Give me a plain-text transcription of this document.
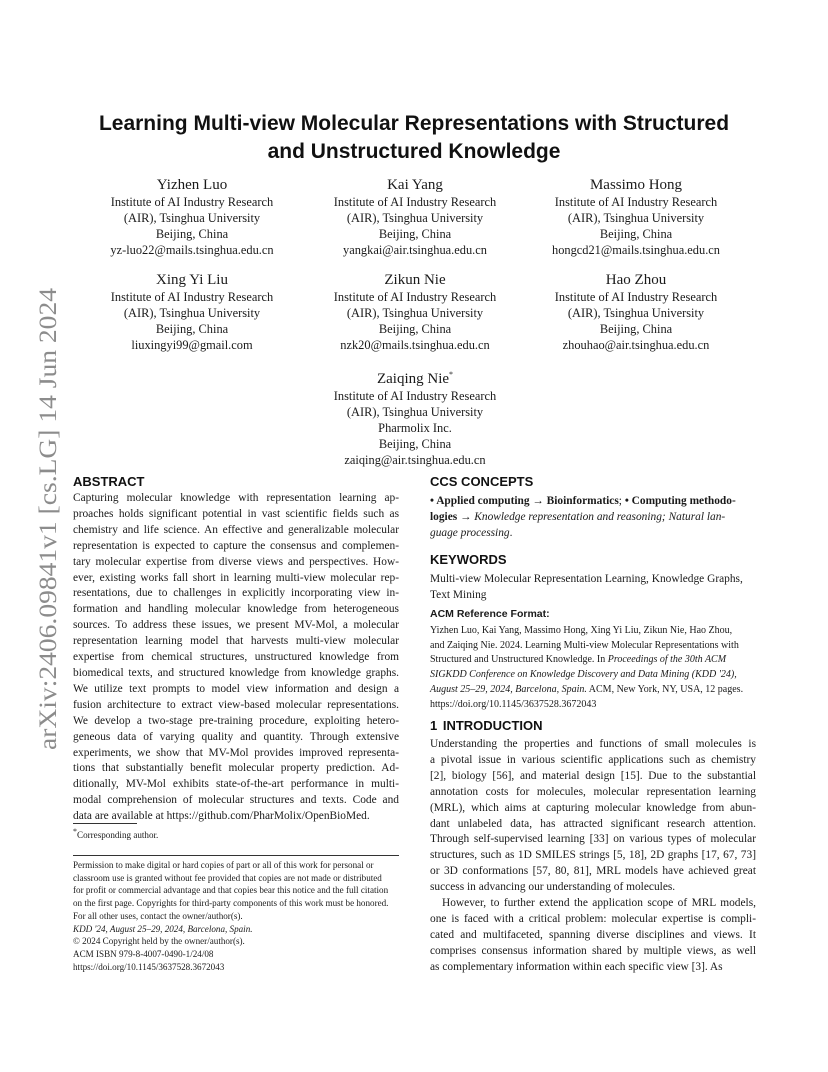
arXiv:2406.09841v1 [cs.LG] 14 Jun 2024
Learning Multi-view Molecular Representations with Structured
and Unstructured Knowledge
Yizhen Luo
Institute of AI Industry Research
(AIR), Tsinghua University
Beijing, China
yz-luo22@mails.tsinghua.edu.cn
Kai Yang
Institute of AI Industry Research
(AIR), Tsinghua University
Beijing, China
yangkai@air.tsinghua.edu.cn
Massimo Hong
Institute of AI Industry Research
(AIR), Tsinghua University
Beijing, China
hongcd21@mails.tsinghua.edu.cn
Xing Yi Liu
Institute of AI Industry Research
(AIR), Tsinghua University
Beijing, China
liuxingyi99@gmail.com
Zikun Nie
Institute of AI Industry Research
(AIR), Tsinghua University
Beijing, China
nzk20@mails.tsinghua.edu.cn
Hao Zhou
Institute of AI Industry Research
(AIR), Tsinghua University
Beijing, China
zhouhao@air.tsinghua.edu.cn
Zaiqing Nie*
Institute of AI Industry Research
(AIR), Tsinghua University
Pharmolix Inc.
Beijing, China
zaiqing@air.tsinghua.edu.cn
ABSTRACT
Capturing molecular knowledge with representation learning ap-
proaches holds significant potential in vast scientific fields such as
chemistry and life science. An effective and generalizable molecular
representation is expected to capture the consensus and complemen-
tary molecular expertise from diverse views and perspectives. How-
ever, existing works fall short in learning multi-view molecular rep-
resentations, due to challenges in explicitly incorporating view in-
formation and handling molecular knowledge from heterogeneous
sources. To address these issues, we present MV-Mol, a molecular
representation learning model that harvests multi-view molecular
expertise from chemical structures, unstructured knowledge from
biomedical texts, and structured knowledge from knowledge graphs.
We utilize text prompts to model view information and design a
fusion architecture to extract view-based molecular representations.
We develop a two-stage pre-training procedure, exploiting hetero-
geneous data of varying quality and quantity. Through extensive
experiments, we show that MV-Mol provides improved representa-
tions that substantially benefit molecular property prediction. Ad-
ditionally, MV-Mol exhibits state-of-the-art performance in multi-
modal comprehension of molecular structures and texts. Code and
data are available at https://github.com/PharMolix/OpenBioMed.
*Corresponding author.
Permission to make digital or hard copies of part or all of this work for personal or
classroom use is granted without fee provided that copies are not made or distributed
for profit or commercial advantage and that copies bear this notice and the full citation
on the first page. Copyrights for third-party components of this work must be honored.
For all other uses, contact the owner/author(s).
KDD '24, August 25–29, 2024, Barcelona, Spain.
© 2024 Copyright held by the owner/author(s).
ACM ISBN 979-8-4007-0490-1/24/08
https://doi.org/10.1145/3637528.3672043
CCS CONCEPTS
• Applied computing → Bioinformatics; • Computing methodo-
logies → Knowledge representation and reasoning; Natural lan-
guage processing.
KEYWORDS
Multi-view Molecular Representation Learning, Knowledge Graphs,
Text Mining
ACM Reference Format:
Yizhen Luo, Kai Yang, Massimo Hong, Xing Yi Liu, Zikun Nie, Hao Zhou,
and Zaiqing Nie. 2024. Learning Multi-view Molecular Representations with
Structured and Unstructured Knowledge. In Proceedings of the 30th ACM
SIGKDD Conference on Knowledge Discovery and Data Mining (KDD '24),
August 25–29, 2024, Barcelona, Spain. ACM, New York, NY, USA, 12 pages.
https://doi.org/10.1145/3637528.3672043
1 INTRODUCTION
Understanding the properties and functions of small molecules is
a pivotal issue in various scientific applications such as chemistry
[2], biology [56], and material design [15]. Due to the substantial
annotation costs for molecules, molecular representation learning
(MRL), which aims at capturing molecular knowledge from abun-
dant unlabeled data, has attracted significant research attention.
Through self-supervised learning [33] on various types of molecular
structures, such as 1D SMILES strings [5, 18], 2D graphs [17, 67, 73]
or 3D conformations [57, 80, 81], MRL models have achieved great
success in advancing our understanding of molecules.
However, to further extend the application scope of MRL models,
one is faced with a critical problem: molecular expertise is compli-
cated and multifaceted, spanning diverse disciplines and views. It
comprises consensus information shared by multiple views, as well
as complementary information within each specific view [3]. As
